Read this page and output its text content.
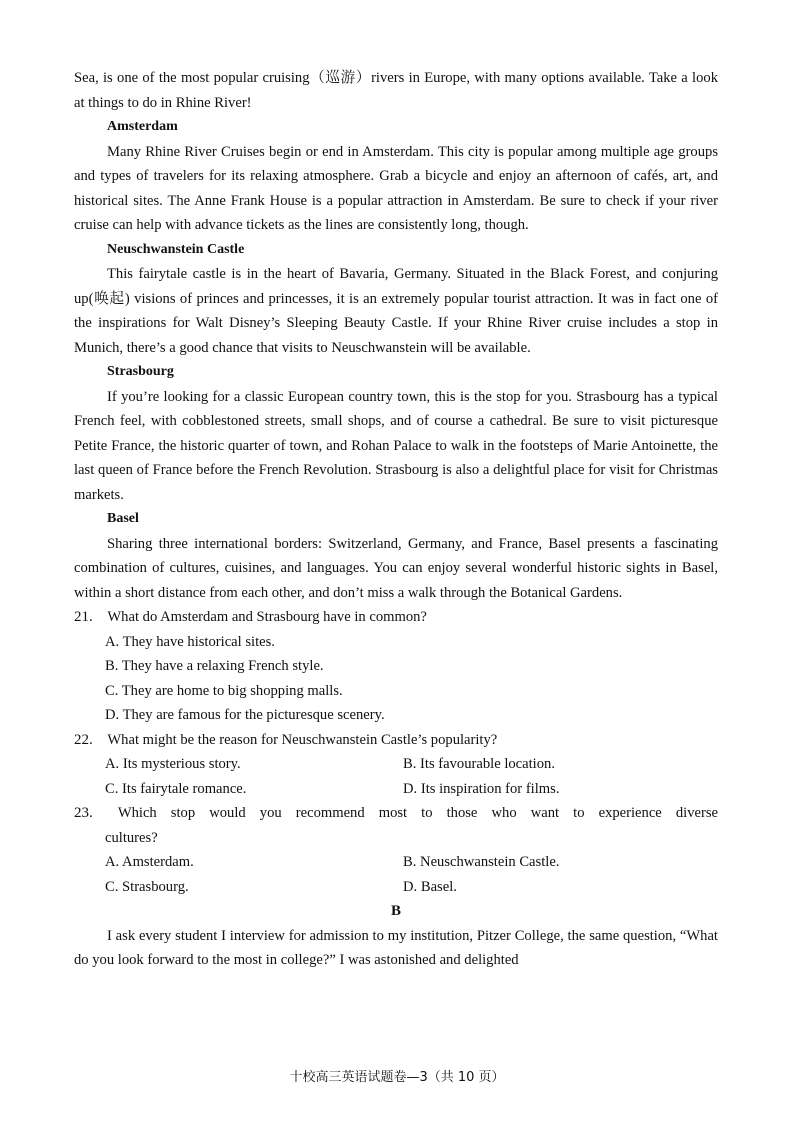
Sea, is one of the most popular cruising（巡游）rivers in Europe, with many options available. Take a look at things to do in Rhine River!

Amsterdam

Many Rhine River Cruises begin or end in Amsterdam. This city is popular among multiple age groups and types of travelers for its relaxing atmosphere. Grab a bicycle and enjoy an afternoon of cafés, art, and historical sites. The Anne Frank House is a popular attraction in Amsterdam. Be sure to check if your river cruise can help with advance tickets as the lines are consistently long, though.

Neuschwanstein Castle

This fairytale castle is in the heart of Bavaria, Germany. Situated in the Black Forest, and conjuring up(唤起) visions of princes and princesses, it is an extremely popular tourist attraction. It was in fact one of the inspirations for Walt Disney’s Sleeping Beauty Castle. If your Rhine River cruise includes a stop in Munich, there’s a good chance that visits to Neuschwanstein will be available.

Strasbourg

If you’re looking for a classic European country town, this is the stop for you. Strasbourg has a typical French feel, with cobblestoned streets, small shops, and of course a cathedral. Be sure to visit picturesque Petite France, the historic quarter of town, and Rohan Palace to walk in the footsteps of Marie Antoinette, the last queen of France before the French Revolution. Strasbourg is also a delightful place for visit for Christmas markets.

Basel

Sharing three international borders: Switzerland, Germany, and France, Basel presents a fascinating combination of cultures, cuisines, and languages. You can enjoy several wonderful historic sights in Basel, within a short distance from each other, and don’t miss a walk through the Botanical Gardens.

21. What do Amsterdam and Strasbourg have in common?

A. They have historical sites.
B. They have a relaxing French style.
C. They are home to big shopping malls.
D. They are famous for the picturesque scenery.

22. What might be the reason for Neuschwanstein Castle’s popularity?

A. Its mysterious story.	B. Its favourable location.
C. Its fairytale romance.	D. Its inspiration for films.

23. Which stop would you recommend most to those who want to experience diverse

cultures?

A. Amsterdam.	B. Neuschwanstein Castle.
C. Strasbourg.	D. Basel.

B

I ask every student I interview for admission to my institution, Pitzer College, the same question, “What do you look forward to the most in college?” I was astonished and delighted

十校高三英语试题卷—3（共 10 页）
